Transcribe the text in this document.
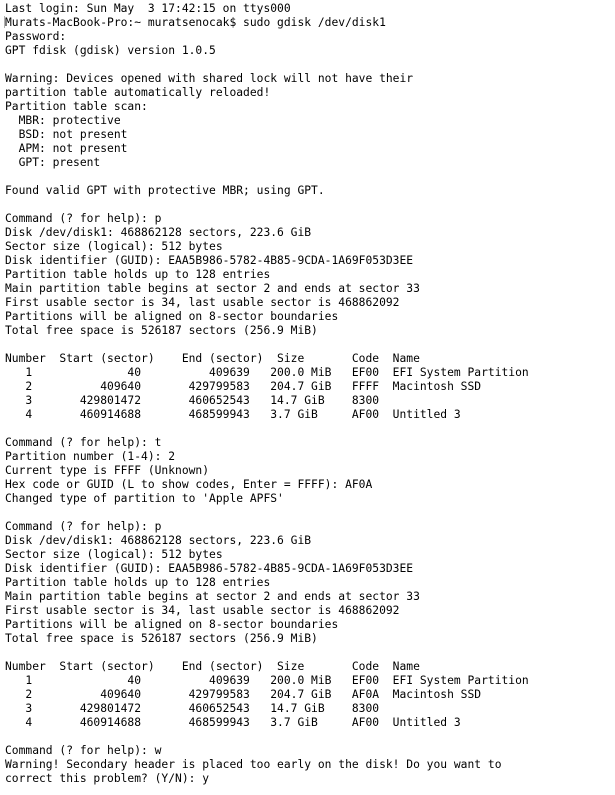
Last login: Sun May  3 17:42:15 on ttys000
Murats-MacBook-Pro:~ muratsenocak$ sudo gdisk /dev/disk1
Password:
GPT fdisk (gdisk) version 1.0.5

Warning: Devices opened with shared lock will not have their
partition table automatically reloaded!
Partition table scan:
MBR: protective
BSD: not present
APM: not present
GPT: present

Found valid GPT with protective MBR; using GPT.

Command (? for help): p
Disk /dev/disk1: 468862128 sectors, 223.6 GiB
Sector size (logical): 512 bytes
Disk identifier (GUID): EAA5B986-5782-4B85-9CDA-1A69F053D3EE
Partition table holds up to 128 entries
Main partition table begins at sector 2 and ends at sector 33
First usable sector is 34, last usable sector is 468862092
Partitions will be aligned on 8-sector boundaries
Total free space is 526187 sectors (256.9 MiB)

Number  Start (sector)    End (sector)  Size       Code  Name
1              40          409639   200.0 MiB   EF00  EFI System Partition
2          409640       429799583   204.7 GiB   FFFF  Macintosh SSD
3       429801472       460652543   14.7 GiB    8300
4       460914688       468599943   3.7 GiB     AF00  Untitled 3

Command (? for help): t
Partition number (1-4): 2
Current type is FFFF (Unknown)
Hex code or GUID (L to show codes, Enter = FFFF): AF0A
Changed type of partition to 'Apple APFS'

Command (? for help): p
Disk /dev/disk1: 468862128 sectors, 223.6 GiB
Sector size (logical): 512 bytes
Disk identifier (GUID): EAA5B986-5782-4B85-9CDA-1A69F053D3EE
Partition table holds up to 128 entries
Main partition table begins at sector 2 and ends at sector 33
First usable sector is 34, last usable sector is 468862092
Partitions will be aligned on 8-sector boundaries
Total free space is 526187 sectors (256.9 MiB)

Number  Start (sector)    End (sector)  Size       Code  Name
1              40          409639   200.0 MiB   EF00  EFI System Partition
2          409640       429799583   204.7 GiB   AF0A  Macintosh SSD
3       429801472       460652543   14.7 GiB    8300
4       460914688       468599943   3.7 GiB     AF00  Untitled 3

Command (? for help): w
Warning! Secondary header is placed too early on the disk! Do you want to
correct this problem? (Y/N): y
